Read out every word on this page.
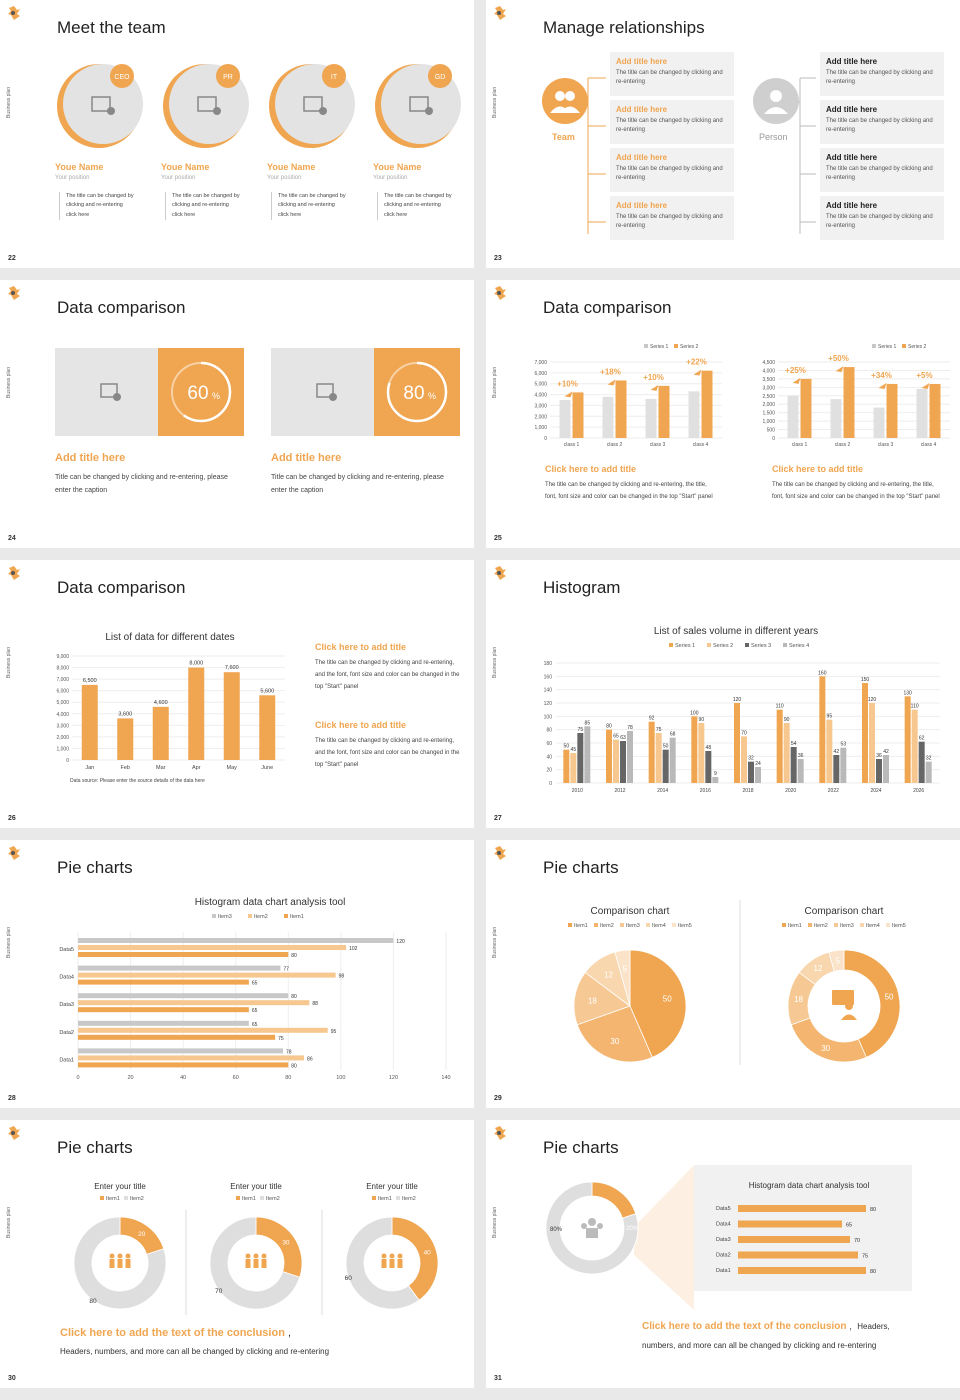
Business plan
Meet the team
CEO
Youe Name
Your position
The title can be changed by clicking and re-entering click here
PR
Youe Name
Your position
The title can be changed by clicking and re-entering click here
IT
Youe Name
Your position
The title can be changed by clicking and re-entering click here
GD
Youe Name
Your position
The title can be changed by clicking and re-entering click here
22
Business plan
Manage relationships
Team	Person
Add title here
The title can be changed by clicking and re-entering
Add title here
The title can be changed by clicking and re-entering
Add title here
The title can be changed by clicking and re-entering
Add title here
The title can be changed by clicking and re-entering
Add title here
The title can be changed by clicking and re-entering
Add title here
The title can be changed by clicking and re-entering
Add title here
The title can be changed by clicking and re-entering
Add title here
The title can be changed by clicking and re-entering
23
Business plan
Data comparison
60 %
Add title here
Title can be changed by clicking and re-entering, please enter the caption
80 %
Add title here
Title can be changed by clicking and re-entering, please enter the caption
24
Business plan
Data comparison
Series 1 Series 2
0
1,000
2,000
3,000
4,000
5,000
6,000
7,000
class 1
+10%
class 2
+18%
class 3
+10%
class 4
+22%
Series 1 Series 2
0
500
1,000
1,500
2,000
2,500
3,000
3,500
4,000
4,500
class 1
+25%
class 2
+50%
class 3
+34%
class 4
+5%
Click here to add title
The title can be changed by clicking and re-entering, the title, font, font size and color can be changed in the top "Start" panel
Click here to add title
The title can be changed by clicking and re-entering, the title, font, font size and color can be changed in the top "Start" panel
25
Business plan
Data comparison
List of data for different dates
0
1,000
2,000
3,000
4,000
5,000
6,000
7,000
8,000
9,000
6,500
Jan
3,600
Feb
4,600
Mar
8,000
Apr
7,600
May
5,600
June
Data source: Please enter the source details of the data here
Click here to add title
The title can be changed by clicking and re-entering, and the font, font size and color can be changed in the top "Start" panel
Click here to add title
The title can be changed by clicking and re-entering, and the font, font size and color can be changed in the top "Start" panel
26
Business plan
Histogram
List of sales volume in different years
Series 1	Series 2	Series 3	Series 4
0
20
40
60
80
100
120
140
160
180
50
45
75
85
2010
80
65 63
78
2012
92
75
50
68
2014
100
90
48
9
2016
120
70
32
24
2018
110
90
54
36
2020
160
95
42
53
2022
150
120
36
42
2024
130
110
62
32
2026
27
Business plan
Pie charts
Histogram data chart analysis tool
Item3	Item2	Item1
0	20	40	60	80	100	120	140
120
102
80
Data5
77
98
65
Data4
80
88
65
Data3
65
95
75
Data2
78
86
80
Data1
28
Business plan
Pie charts
Comparison chart
Item1 Item2 Item3 Item4 Item5
Comparison chart
Item1 Item2 Item3 Item4 Item5
50
30
18
12
5
50
30
18
12
5
29
Business plan
Pie charts
Enter your title
Item1 Item2
20
80
Enter your title
Item1 Item2
30
70
Enter your title
Item1 Item2
40
60
Click here to add the text of the conclusion ,
Headers, numbers, and more can all be changed by clicking and re-entering
30
Business plan
Pie charts
20%
80%
Histogram data chart analysis tool
Data5	80
Data4	65
Data3	70
Data2	75
Data1	80
Click here to add the text of the conclusion ，Headers,
numbers, and more can all be changed by clicking and re-entering
31
